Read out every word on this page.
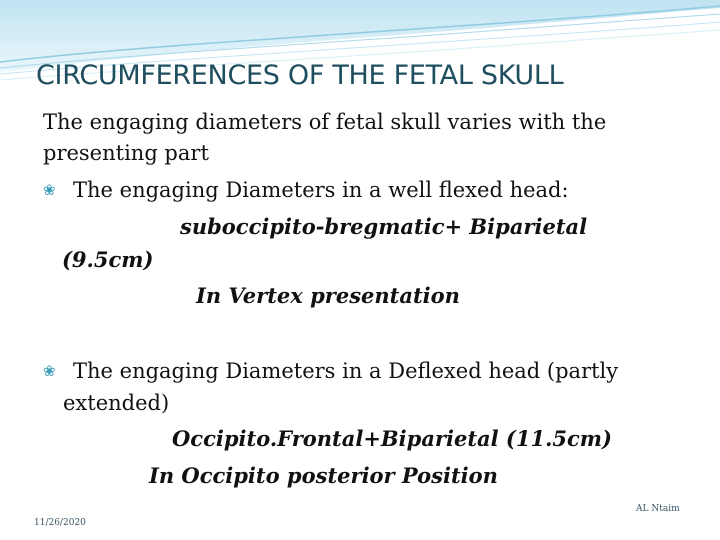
CIRCUMFERENCES OF THE FETAL SKULL
The engaging diameters of fetal skull varies with the
presenting part
❀ The engaging Diameters in a well flexed head:
suboccipito-bregmatic+ Biparietal
(9.5cm)
In Vertex presentation
❀ The engaging Diameters in a Deflexed head (partly
extended)
Occipito.Frontal+Biparietal (11.5cm)
In Occipito posterior Position
AL Ntaim
11/26/2020
